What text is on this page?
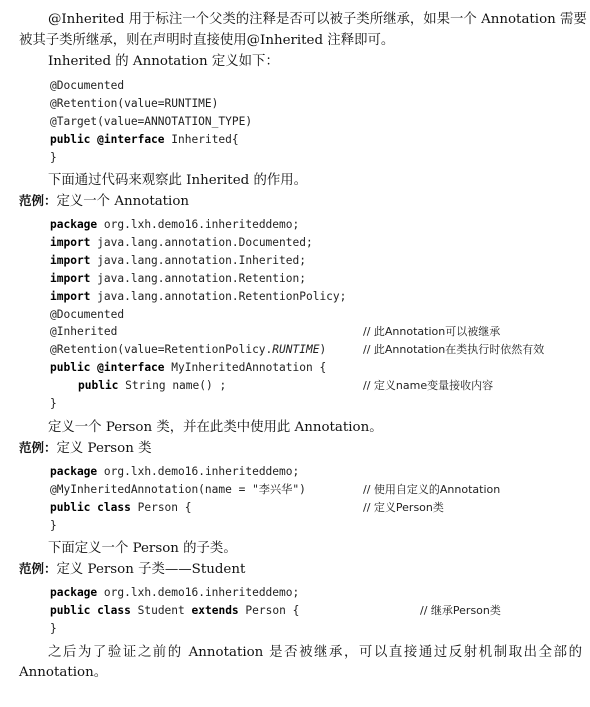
@Inherited 用于标注一个父类的注释是否可以被子类所继承，如果一个 Annotation 需要
被其子类所继承，则在声明时直接使用@Inherited 注释即可。
Inherited 的 Annotation 定义如下：
@Documented
@Retention(value=RUNTIME)
@Target(value=ANNOTATION_TYPE)
public @interface Inherited{
}
下面通过代码来观察此 Inherited 的作用。
范例：定义一个 Annotation
package org.lxh.demo16.inheriteddemo;
import java.lang.annotation.Documented;
import java.lang.annotation.Inherited;
import java.lang.annotation.Retention;
import java.lang.annotation.RetentionPolicy;
@Documented
@Inherited	// 此Annotation可以被继承
@Retention(value=RetentionPolicy.RUNTIME)	// 此Annotation在类执行时依然有效
public @interface MyInheritedAnnotation {
public String name() ;	// 定义name变量接收内容
}
定义一个 Person 类，并在此类中使用此 Annotation。
范例：定义 Person 类
package org.lxh.demo16.inheriteddemo;
@MyInheritedAnnotation(name = "李兴华")	// 使用自定义的Annotation
public class Person {	// 定义Person类
}
下面定义一个 Person 的子类。
范例：定义 Person 子类——Student
package org.lxh.demo16.inheriteddemo;
public class Student extends Person {	// 继承Person类
}
之后为了验证之前的 Annotation 是否被继承，可以直接通过反射机制取出全部的
Annotation。
